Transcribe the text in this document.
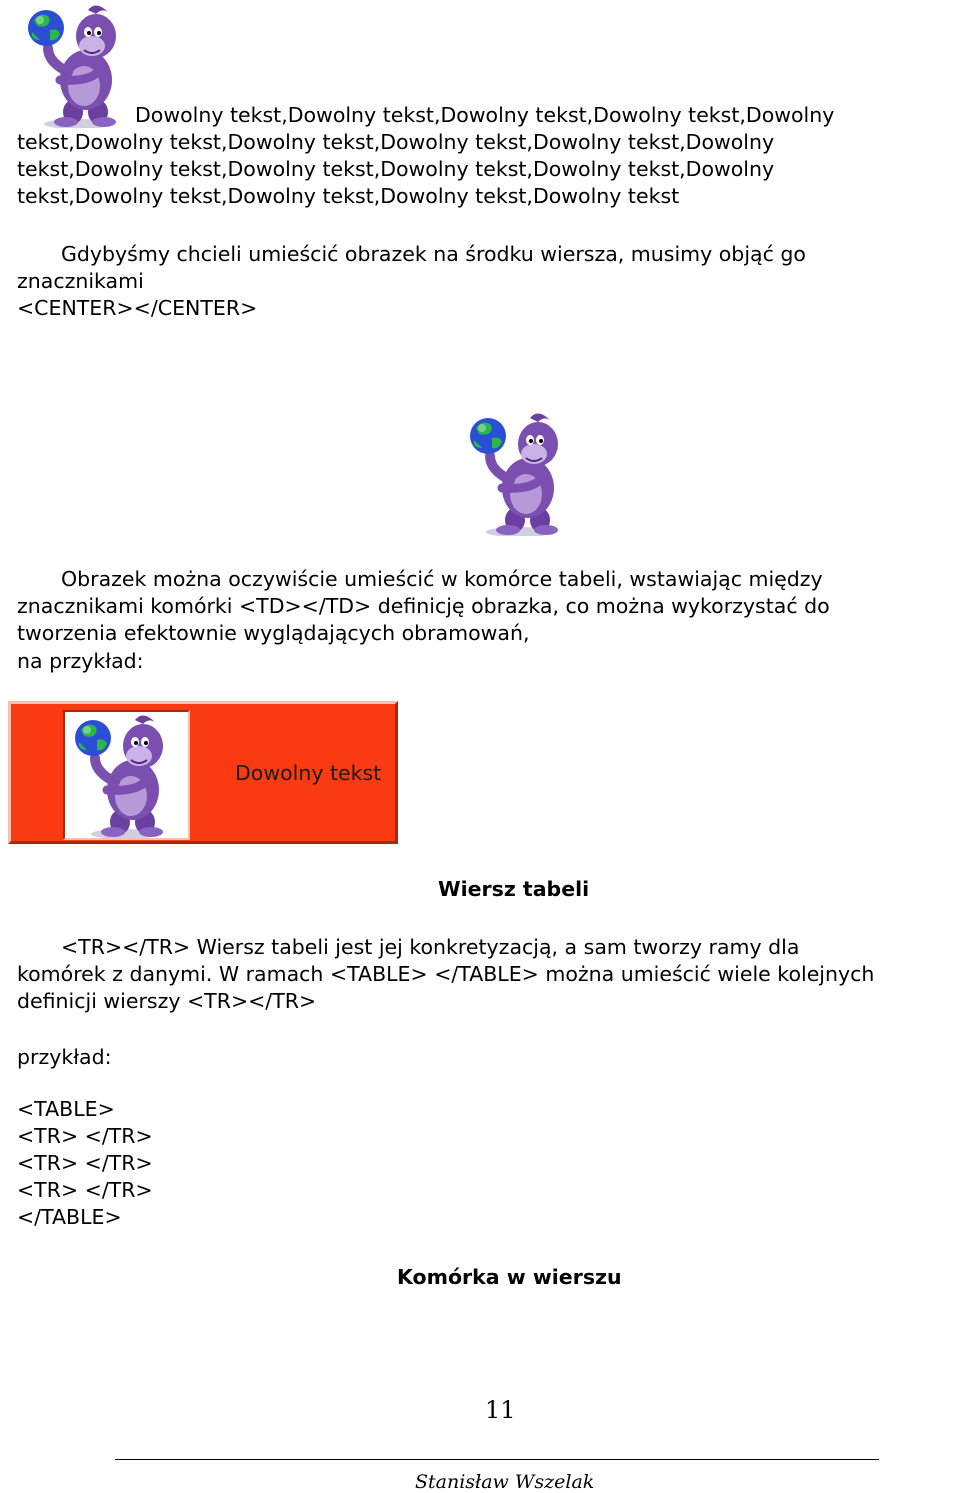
Dowolny tekst,Dowolny tekst,Dowolny tekst,Dowolny tekst,Dowolny
tekst,Dowolny tekst,Dowolny tekst,Dowolny tekst,Dowolny tekst,Dowolny
tekst,Dowolny tekst,Dowolny tekst,Dowolny tekst,Dowolny tekst,Dowolny
tekst,Dowolny tekst,Dowolny tekst,Dowolny tekst,Dowolny tekst
Gdybyśmy chcieli umieścić obrazek na środku wiersza, musimy objąć go
znacznikami
<CENTER></CENTER>
Obrazek można oczywiście umieścić w komórce tabeli, wstawiając między
znacznikami komórki <TD></TD> definicję obrazka, co można wykorzystać do
tworzenia efektownie wyglądających obramowań,
na przykład:
Dowolny tekst
Wiersz tabeli
<TR></TR> Wiersz tabeli jest jej konkretyzacją, a sam tworzy ramy dla
komórek z danymi. W ramach <TABLE> </TABLE> można umieścić wiele kolejnych
definicji wierszy <TR></TR>
przykład:
<TABLE>
<TR> </TR>
<TR> </TR>
<TR> </TR>
</TABLE>
Komórka w wierszu
11
Stanisław Wszelak
